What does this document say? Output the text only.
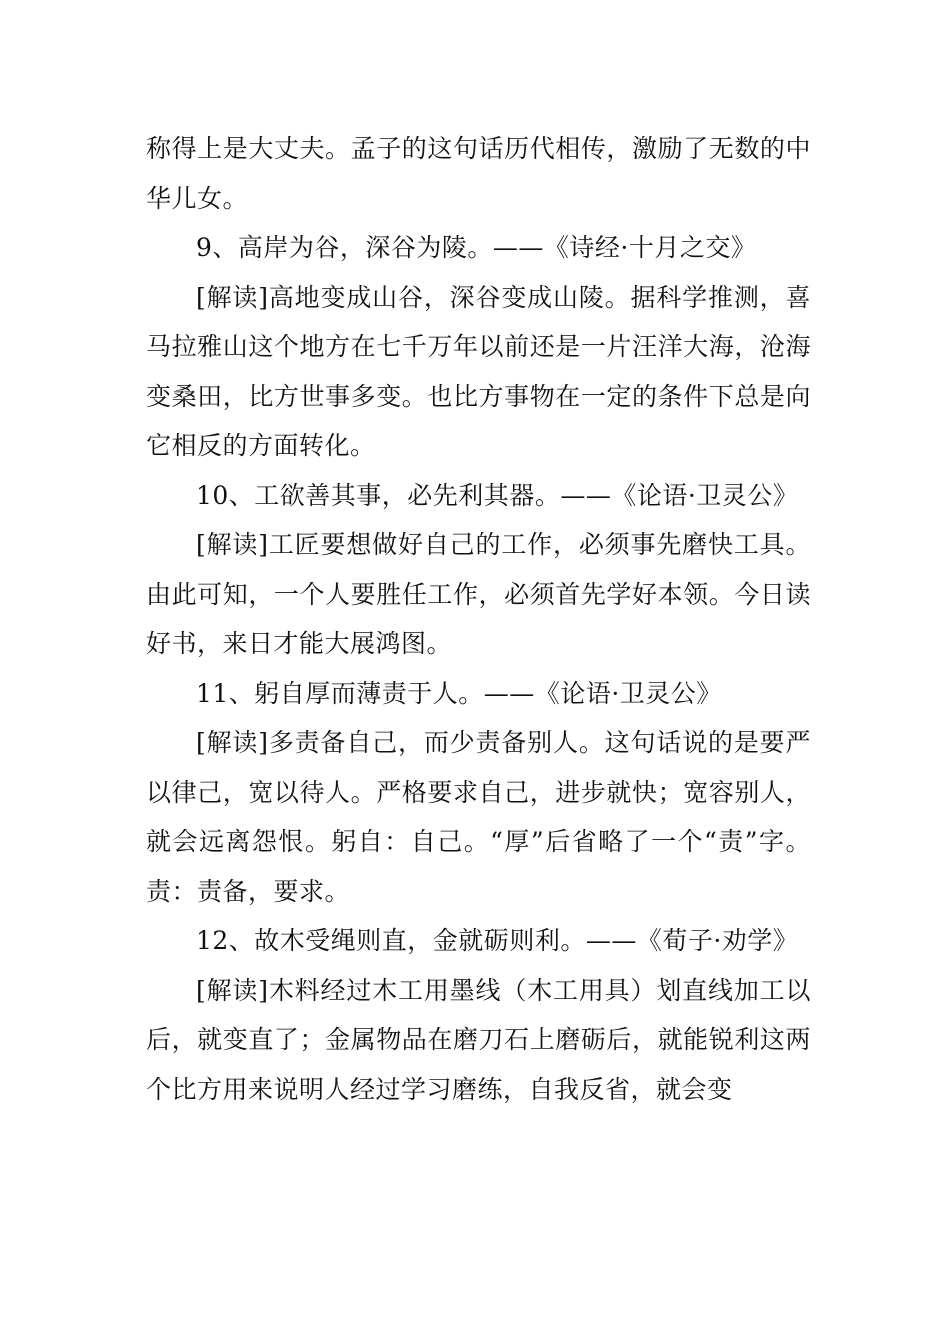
称得上是大丈夫。孟子的这句话历代相传，激励了无数的中华儿女。

9、高岸为谷，深谷为陵。——《诗经·十月之交》

[解读]高地变成山谷，深谷变成山陵。据科学推测，喜马拉雅山这个地方在七千万年以前还是一片汪洋大海，沧海变桑田，比方世事多变。也比方事物在一定的条件下总是向它相反的方面转化。

10、工欲善其事，必先利其器。——《论语·卫灵公》

[解读]工匠要想做好自己的工作，必须事先磨快工具。由此可知，一个人要胜任工作，必须首先学好本领。今日读好书，来日才能大展鸿图。

11、躬自厚而薄责于人。——《论语·卫灵公》

[解读]多责备自己，而少责备别人。这句话说的是要严以律己，宽以待人。严格要求自己，进步就快；宽容别人，就会远离怨恨。躬自：自己。“厚”后省略了一个“责”字。责：责备，要求。

12、故木受绳则直，金就砺则利。——《荀子·劝学》

[解读]木料经过木工用墨线（木工用具）划直线加工以后，就变直了；金属物品在磨刀石上磨砺后，就能锐利这两个比方用来说明人经过学习磨练，自我反省，就会变
